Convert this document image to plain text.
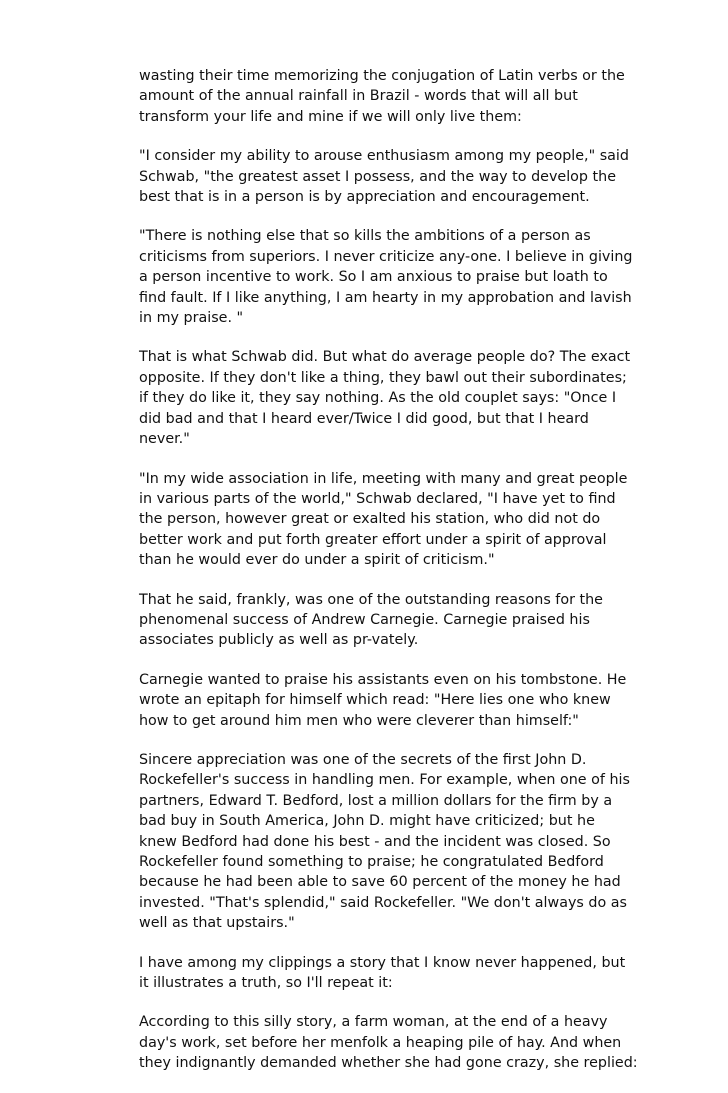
wasting their time memorizing the conjugation of Latin verbs or the
amount of the annual rainfall in Brazil - words that will all but
transform your life and mine if we will only live them:

"I consider my ability to arouse enthusiasm among my people," said
Schwab, "the greatest asset I possess, and the way to develop the
best that is in a person is by appreciation and encouragement.

"There is nothing else that so kills the ambitions of a person as
criticisms from superiors. I never criticize any-one. I believe in giving
a person incentive to work. So I am anxious to praise but loath to
find fault. If I like anything, I am hearty in my approbation and lavish
in my praise. "

That is what Schwab did. But what do average people do? The exact
opposite. If they don't like a thing, they bawl out their subordinates;
if they do like it, they say nothing. As the old couplet says: "Once I
did bad and that I heard ever/Twice I did good, but that I heard
never."

"In my wide association in life, meeting with many and great people
in various parts of the world," Schwab declared, "I have yet to find
the person, however great or exalted his station, who did not do
better work and put forth greater effort under a spirit of approval
than he would ever do under a spirit of criticism."

That he said, frankly, was one of the outstanding reasons for the
phenomenal success of Andrew Carnegie. Carnegie praised his
associates publicly as well as pr-vately.

Carnegie wanted to praise his assistants even on his tombstone. He
wrote an epitaph for himself which read: "Here lies one who knew
how to get around him men who were cleverer than himself:"

Sincere appreciation was one of the secrets of the first John D.
Rockefeller's success in handling men. For example, when one of his
partners, Edward T. Bedford, lost a million dollars for the firm by a
bad buy in South America, John D. might have criticized; but he
knew Bedford had done his best - and the incident was closed. So
Rockefeller found something to praise; he congratulated Bedford
because he had been able to save 60 percent of the money he had
invested. "That's splendid," said Rockefeller. "We don't always do as
well as that upstairs."

I have among my clippings a story that I know never happened, but
it illustrates a truth, so I'll repeat it:

According to this silly story, a farm woman, at the end of a heavy
day's work, set before her menfolk a heaping pile of hay. And when
they indignantly demanded whether she had gone crazy, she replied:
